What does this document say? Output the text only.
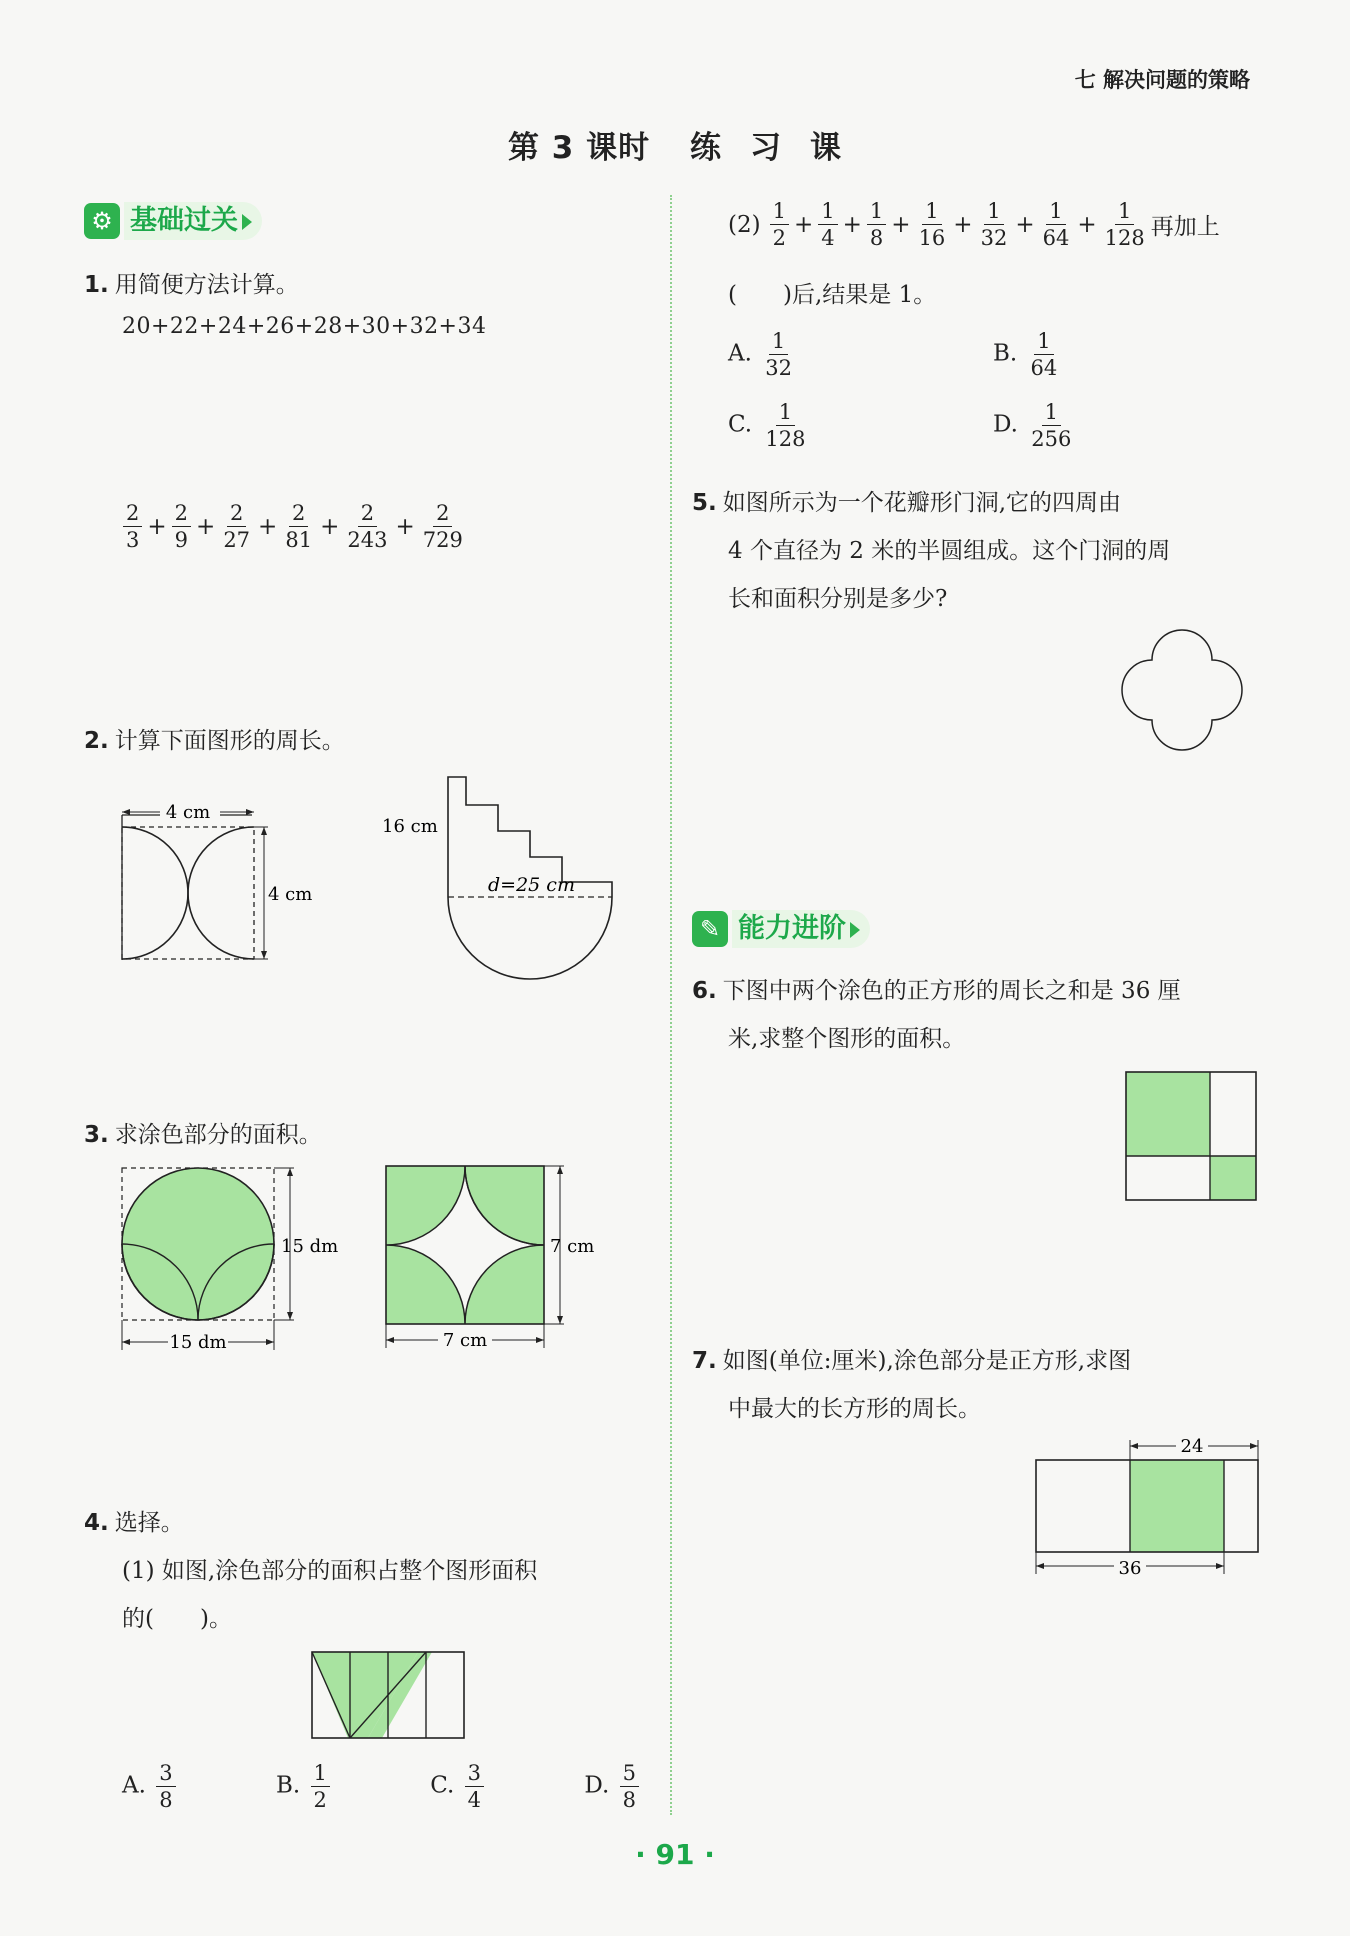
七 解决问题的策略
第 3 课时 练 习 课
⚙ 基础过关
1. 用简便方法计算。
20+22+24+26+28+30+32+34
$\frac{2}{3} + \frac{2}{9} + \frac{2}{27} + \frac{2}{81} + \frac{2}{243} + \frac{2}{729}$
2. 计算下面图形的周长。
4 cm
4 cm
16 cm
d=25 cm
3. 求涂色部分的面积。
15 dm
15 dm
7 cm
7 cm
4. 选择。
(1) 如图,涂色部分的面积占整个图形面积
的(　　)。
A. $\frac{3}{8}$	B. $\frac{1}{2}$	C. $\frac{3}{4}$	D. $\frac{5}{8}$
$(2) \frac{1}{2} + \frac{1}{4} + \frac{1}{8} + \frac{1}{16} + \frac{1}{32} + \frac{1}{64} + \frac{1}{128}$ 再加上
(　　)后,结果是 1。
A. $\frac{1}{32}$	B. $\frac{1}{64}$
C. $\frac{1}{128}$	D. $\frac{1}{256}$
5. 如图所示为一个花瓣形门洞,它的四周由
4 个直径为 2 米的半圆组成。这个门洞的周
长和面积分别是多少?
✎ 能力进阶
6. 下图中两个涂色的正方形的周长之和是 36 厘
米,求整个图形的面积。
7. 如图(单位:厘米),涂色部分是正方形,求图
中最大的长方形的周长。
24
36
· 91 ·
